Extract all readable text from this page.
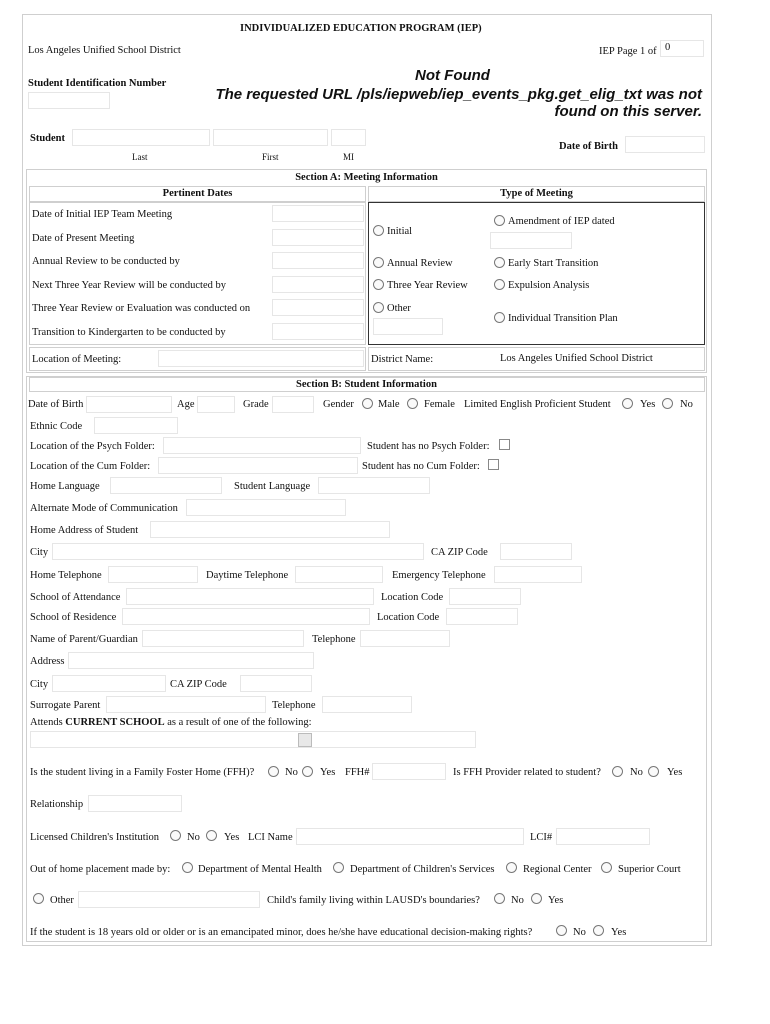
INDIVIDUALIZED EDUCATION PROGRAM (IEP)
Los Angeles Unified School District	IEP Page 1 of 0
Student Identification Number	Not Found
The requested URL /pls/iepweb/iep_events_pkg.get_elig_txt was not
found on this server.
Student
Last	First	MI
Date of Birth
Section A: Meeting Information
Pertinent Dates	Type of Meeting
Date of Initial IEP Team Meeting
Date of Present Meeting
Annual Review to be conducted by
Next Three Year Review will be conducted by
Three Year Review or Evaluation was conducted on
Transition to Kindergarten to be conducted by
Initial
Amendment of IEP dated
Annual Review	Early Start Transition
Three Year Review	Expulsion Analysis
Other
Individual Transition Plan
Location of Meeting:	District Name:	Los Angeles Unified School District
Section B: Student Information
Date of Birth	Age	Grade	Gender Male Female Limited English Proficient Student	Yes No
Ethnic Code
Location of the Psych Folder:	Student has no Psych Folder:
Location of the Cum Folder:	Student has no Cum Folder:
Home Language	Student Language
Alternate Mode of Communication
Home Address of Student
City	CA ZIP Code
Home Telephone	Daytime Telephone	Emergency Telephone
School of Attendance	Location Code
School of Residence	Location Code
Name of Parent/Guardian	Telephone
Address
City	CA ZIP Code
Surrogate Parent	Telephone
Attends CURRENT SCHOOL as a result of one of the following:
Is the student living in a Family Foster Home (FFH)?	No Yes FFH#	Is FFH Provider related to student?	No Yes
Relationship
Licensed Children's Institution	No Yes LCI Name	LCI#
Out of home placement made by:	Department of Mental Health	Department of Children's Services	Regional Center	Superior Court
Other	Child's family living within LAUSD's boundaries?	No Yes
If the student is 18 years old or older or is an emancipated minor, does he/she have educational decision-making rights?	No Yes
